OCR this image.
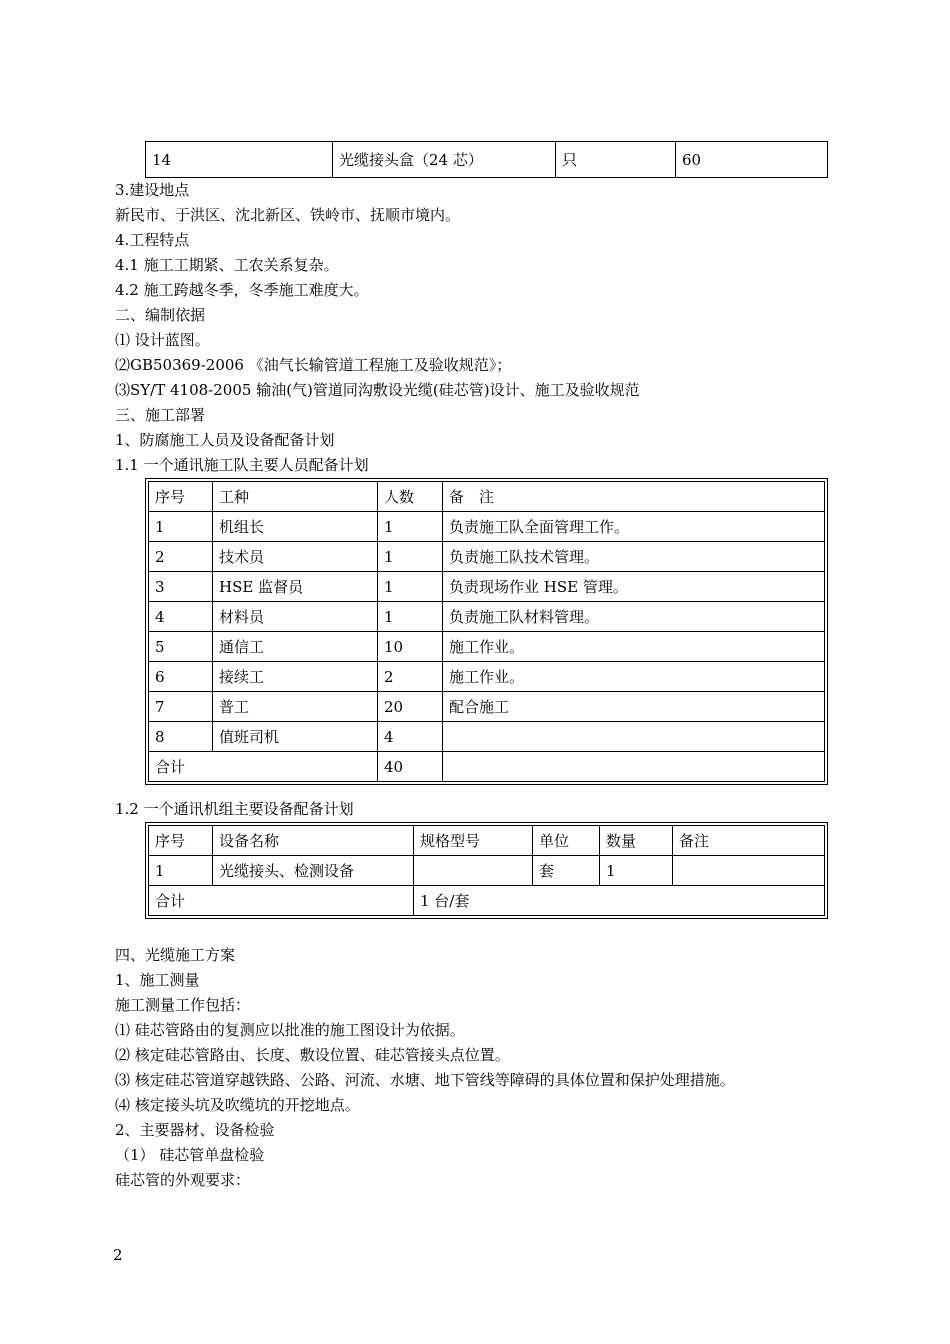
14	光缆接头盒（24 芯）	只	60
3.建设地点
新民市、于洪区、沈北新区、铁岭市、抚顺市境内。
4.工程特点
4.1 施工工期紧、工农关系复杂。
4.2 施工跨越冬季，冬季施工难度大。
二、编制依据
⑴ 设计蓝图。
⑵GB50369-2006 《油气长输管道工程施工及验收规范》；
⑶SY/T 4108-2005 输油(气)管道同沟敷设光缆(硅芯管)设计、施工及验收规范
三、施工部署
1、防腐施工人员及设备配备计划
1.1 一个通讯施工队主要人员配备计划
序号	工种	人数	备　注
1	机组长	1	负责施工队全面管理工作。
2	技术员	1	负责施工队技术管理。
3	HSE 监督员	1	负责现场作业 HSE 管理。
4	材料员	1	负责施工队材料管理。
5	通信工	10	施工作业。
6	接续工	2	施工作业。
7	普工	20	配合施工
8	值班司机	4	
合计		40	
1.2 一个通讯机组主要设备配备计划
序号	设备名称	规格型号	单位	数量	备注
1	光缆接头、检测设备		套	1	
合计		1 台/套			
四、光缆施工方案
1、施工测量
施工测量工作包括：
⑴ 硅芯管路由的复测应以批准的施工图设计为依据。
⑵ 核定硅芯管路由、长度、敷设位置、硅芯管接头点位置。
⑶ 核定硅芯管道穿越铁路、公路、河流、水塘、地下管线等障碍的具体位置和保护处理措施。
⑷ 核定接头坑及吹缆坑的开挖地点。
2、主要器材、设备检验
（1） 硅芯管单盘检验
硅芯管的外观要求：
2
